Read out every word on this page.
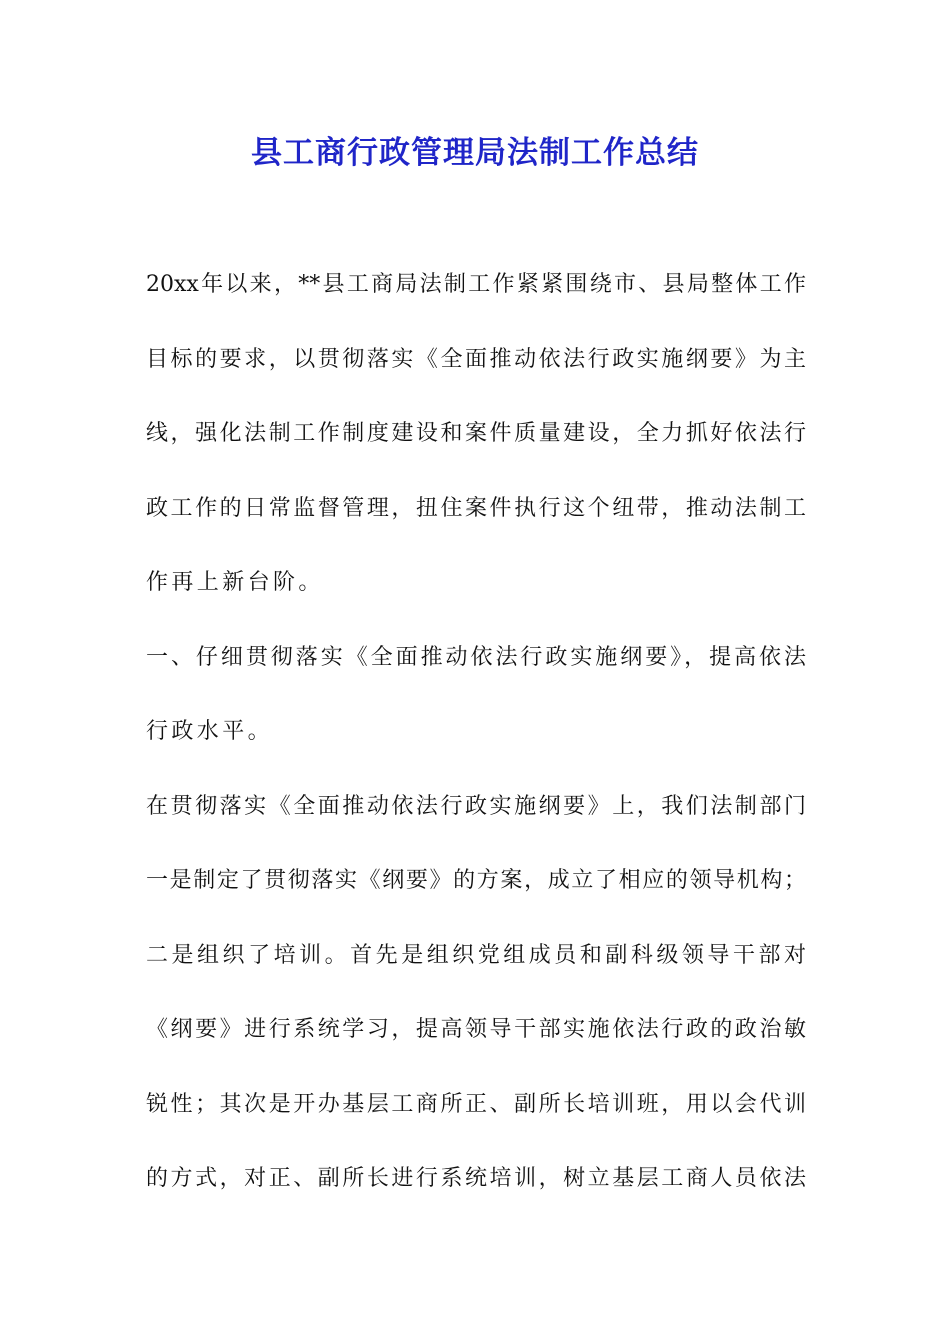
县工商行政管理局法制工作总结
20xx年以来，**县工商局法制工作紧紧围绕市、县局整体工作
目标的要求，以贯彻落实《全面推动依法行政实施纲要》为主
线，强化法制工作制度建设和案件质量建设，全力抓好依法行
政工作的日常监督管理，扭住案件执行这个纽带，推动法制工
作再上新台阶。
一、仔细贯彻落实《全面推动依法行政实施纲要》，提高依法
行政水平。
在贯彻落实《全面推动依法行政实施纲要》上，我们法制部门
一是制定了贯彻落实《纲要》的方案，成立了相应的领导机构；
二是组织了培训。首先是组织党组成员和副科级领导干部对
《纲要》进行系统学习，提高领导干部实施依法行政的政治敏
锐性；其次是开办基层工商所正、副所长培训班，用以会代训
的方式，对正、副所长进行系统培训，树立基层工商人员依法
